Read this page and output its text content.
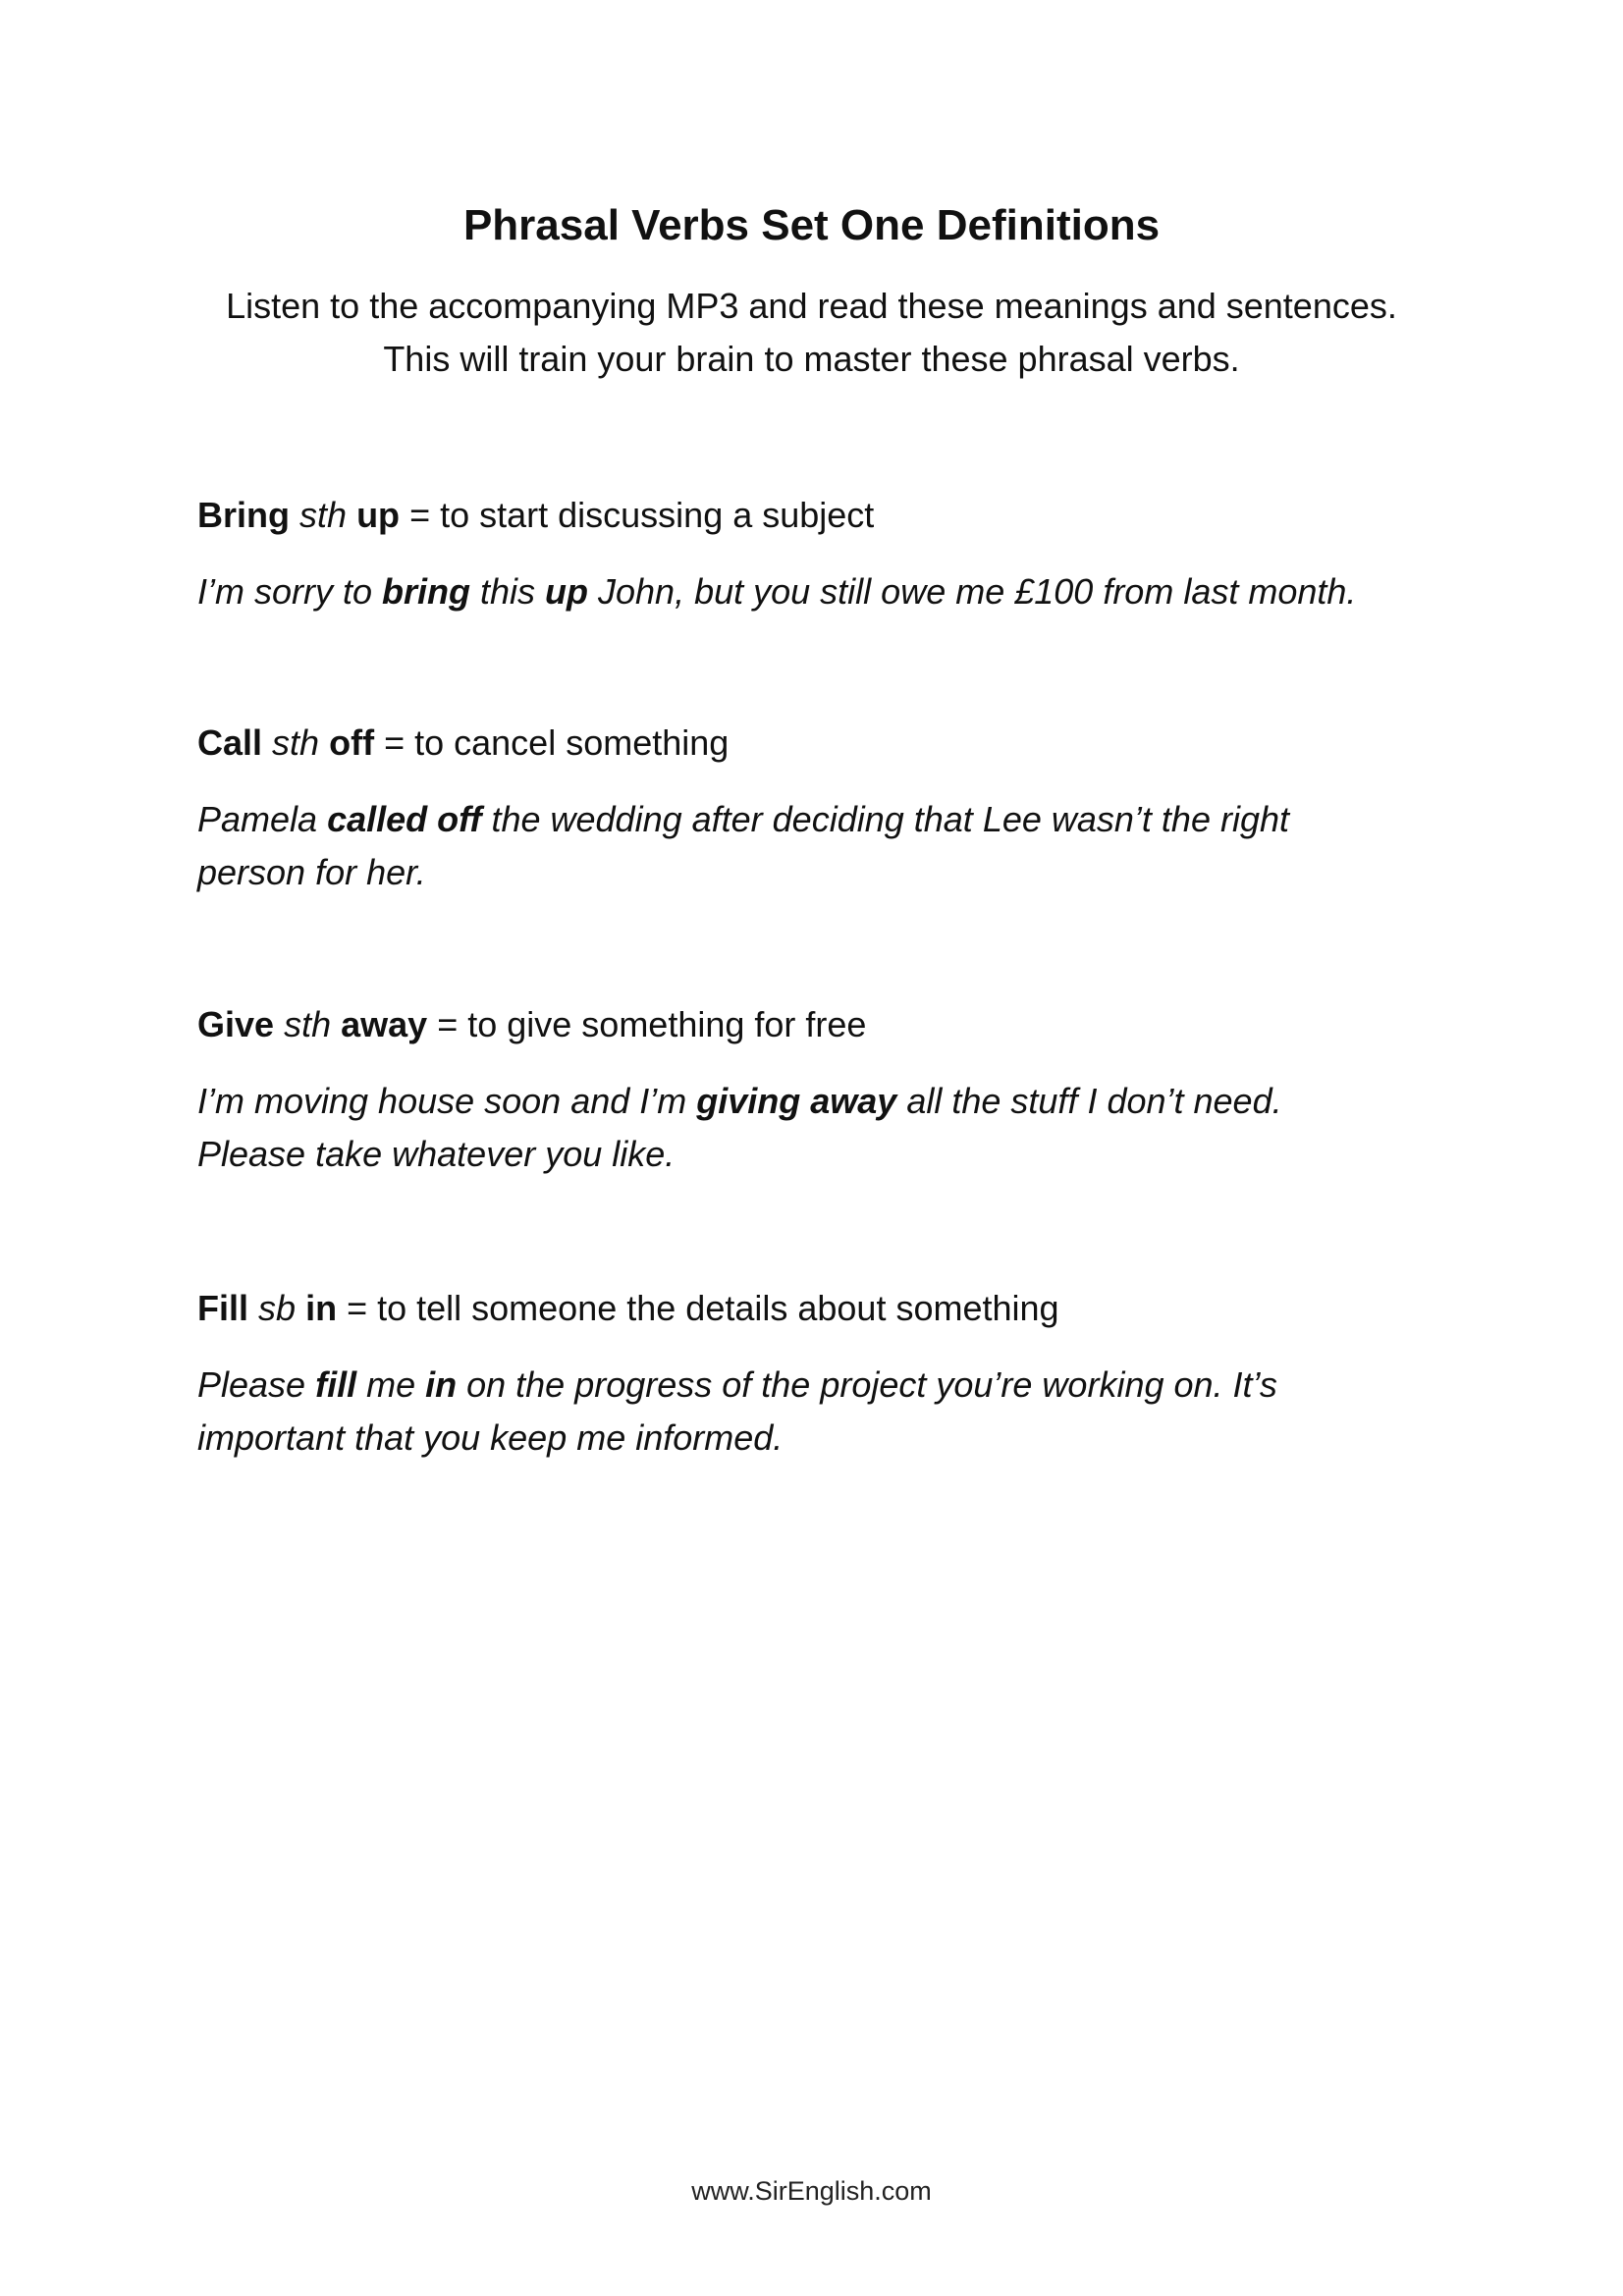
Phrasal Verbs Set One Definitions
Listen to the accompanying MP3 and read these meanings and sentences.
This will train your brain to master these phrasal verbs.
Bring sth up = to start discussing a subject
I’m sorry to bring this up John, but you still owe me £100 from last month.
Call sth off = to cancel something
Pamela called off the wedding after deciding that Lee wasn’t the right
person for her.
Give sth away = to give something for free
I’m moving house soon and I’m giving away all the stuff I don’t need.
Please take whatever you like.
Fill sb in = to tell someone the details about something
Please fill me in on the progress of the project you’re working on. It’s
important that you keep me informed.
www.SirEnglish.com
